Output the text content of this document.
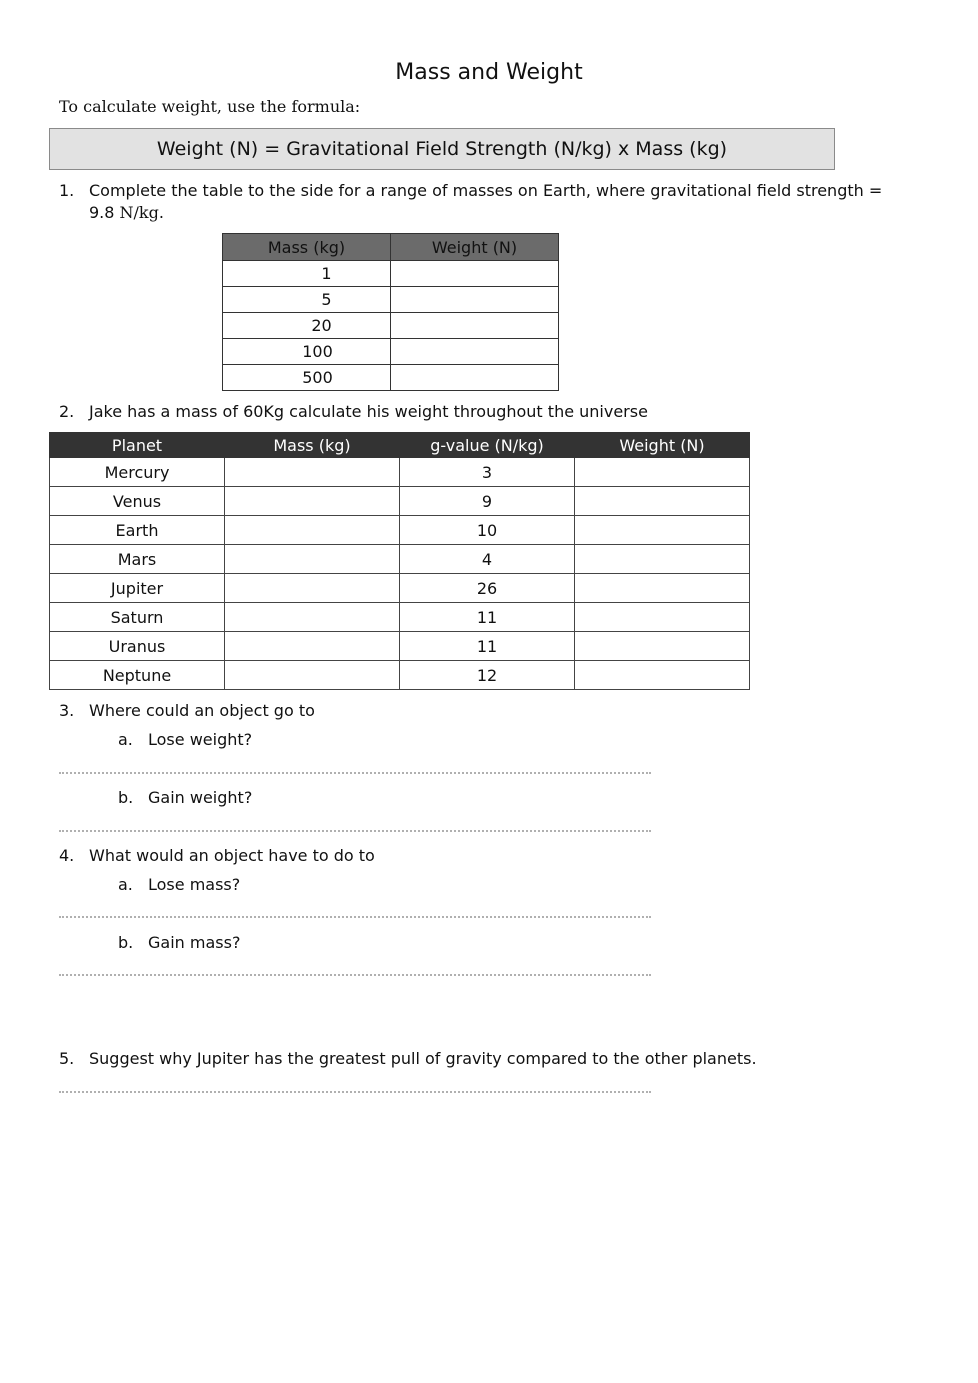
Mass and Weight
To calculate weight, use the formula:
Weight (N) = Gravitational Field Strength (N/kg) x Mass (kg)
1. Complete the table to the side for a range of masses on Earth, where gravitational field strength =
9.8 N/kg.
Mass (kg)	Weight (N)
1	
5	
20	
100	
500	
2. Jake has a mass of 60Kg calculate his weight throughout the universe
Planet	Mass (kg)	g-value (N/kg)	Weight (N)
Mercury		3	
Venus		9	
Earth		10	
Mars		4	
Jupiter		26	
Saturn		11	
Uranus		11	
Neptune		12	
3. Where could an object go to
a. Lose weight?
b. Gain weight?
4. What would an object have to do to
a. Lose mass?
b. Gain mass?
5. Suggest why Jupiter has the greatest pull of gravity compared to the other planets.
